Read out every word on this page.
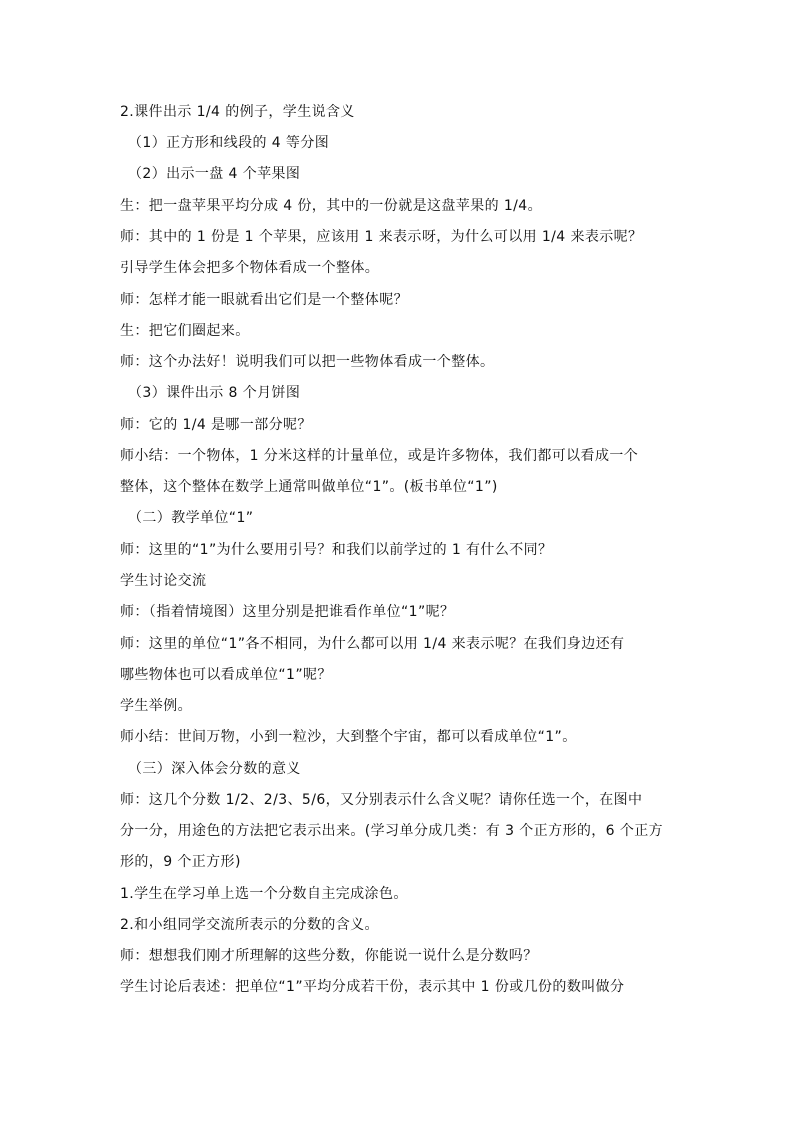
2.课件出示 1/4 的例子，学生说含义
（1）正方形和线段的 4 等分图
（2）出示一盘 4 个苹果图
生：把一盘苹果平均分成 4 份，其中的一份就是这盘苹果的 1/4。
师：其中的 1 份是 1 个苹果，应该用 1 来表示呀，为什么可以用 1/4 来表示呢？
引导学生体会把多个物体看成一个整体。
师：怎样才能一眼就看出它们是一个整体呢？
生：把它们圈起来。
师：这个办法好！说明我们可以把一些物体看成一个整体。
（3）课件出示 8 个月饼图
师：它的 1/4 是哪一部分呢？
师小结：一个物体，1 分米这样的计量单位，或是许多物体，我们都可以看成一个
整体，这个整体在数学上通常叫做单位“1”。(板书单位“1”)
（二）教学单位“1”
师：这里的“1”为什么要用引号？和我们以前学过的 1 有什么不同？
学生讨论交流
师：（指着情境图）这里分别是把谁看作单位“1”呢？
师：这里的单位“1”各不相同，为什么都可以用 1/4 来表示呢？在我们身边还有
哪些物体也可以看成单位“1”呢？
学生举例。
师小结：世间万物，小到一粒沙，大到整个宇宙，都可以看成单位“1”。
（三）深入体会分数的意义
师：这几个分数 1/2、2/3、5/6，又分别表示什么含义呢？请你任选一个，在图中
分一分，用途色的方法把它表示出来。(学习单分成几类：有 3 个正方形的，6 个正方
形的，9 个正方形)
1.学生在学习单上选一个分数自主完成涂色。
2.和小组同学交流所表示的分数的含义。
师：想想我们刚才所理解的这些分数，你能说一说什么是分数吗？
学生讨论后表述：把单位“1”平均分成若干份，表示其中 1 份或几份的数叫做分
